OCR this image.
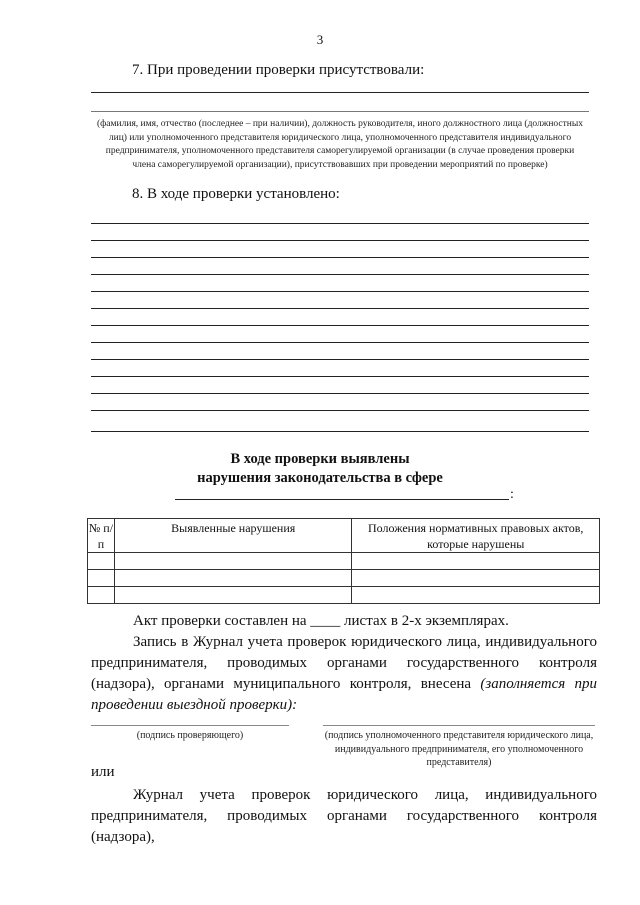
3
7. При проведении проверки присутствовали:
(фамилия, имя, отчество (последнее – при наличии), должность руководителя, иного должностного лица (должностных лиц) или уполномоченного представителя юридического лица, уполномоченного представителя индивидуального предпринимателя, уполномоченного представителя саморегулируемой организации (в случае проведения проверки члена саморегулируемой организации), присутствовавших при проведении мероприятий по проверке)
8. В ходе проверки установлено:
В ходе проверки выявлены
нарушения законодательства в сфере
:
№ п/п	Выявленные нарушения	Положения нормативных правовых актов, которые нарушены

Акт проверки составлен на ____ листах в 2-х экземплярах.

Запись в Журнал учета проверок юридического лица, индивидуального предпринимателя, проводимых органами государственного контроля (надзора), органами муниципального контроля, внесена (заполняется при проведении выездной проверки):

(подпись проверяющего)	(подпись уполномоченного представителя юридического лица, индивидуального предпринимателя, его уполномоченного представителя)
или

Журнал учета проверок юридического лица, индивидуального предпринимателя, проводимых органами государственного контроля (надзора),
